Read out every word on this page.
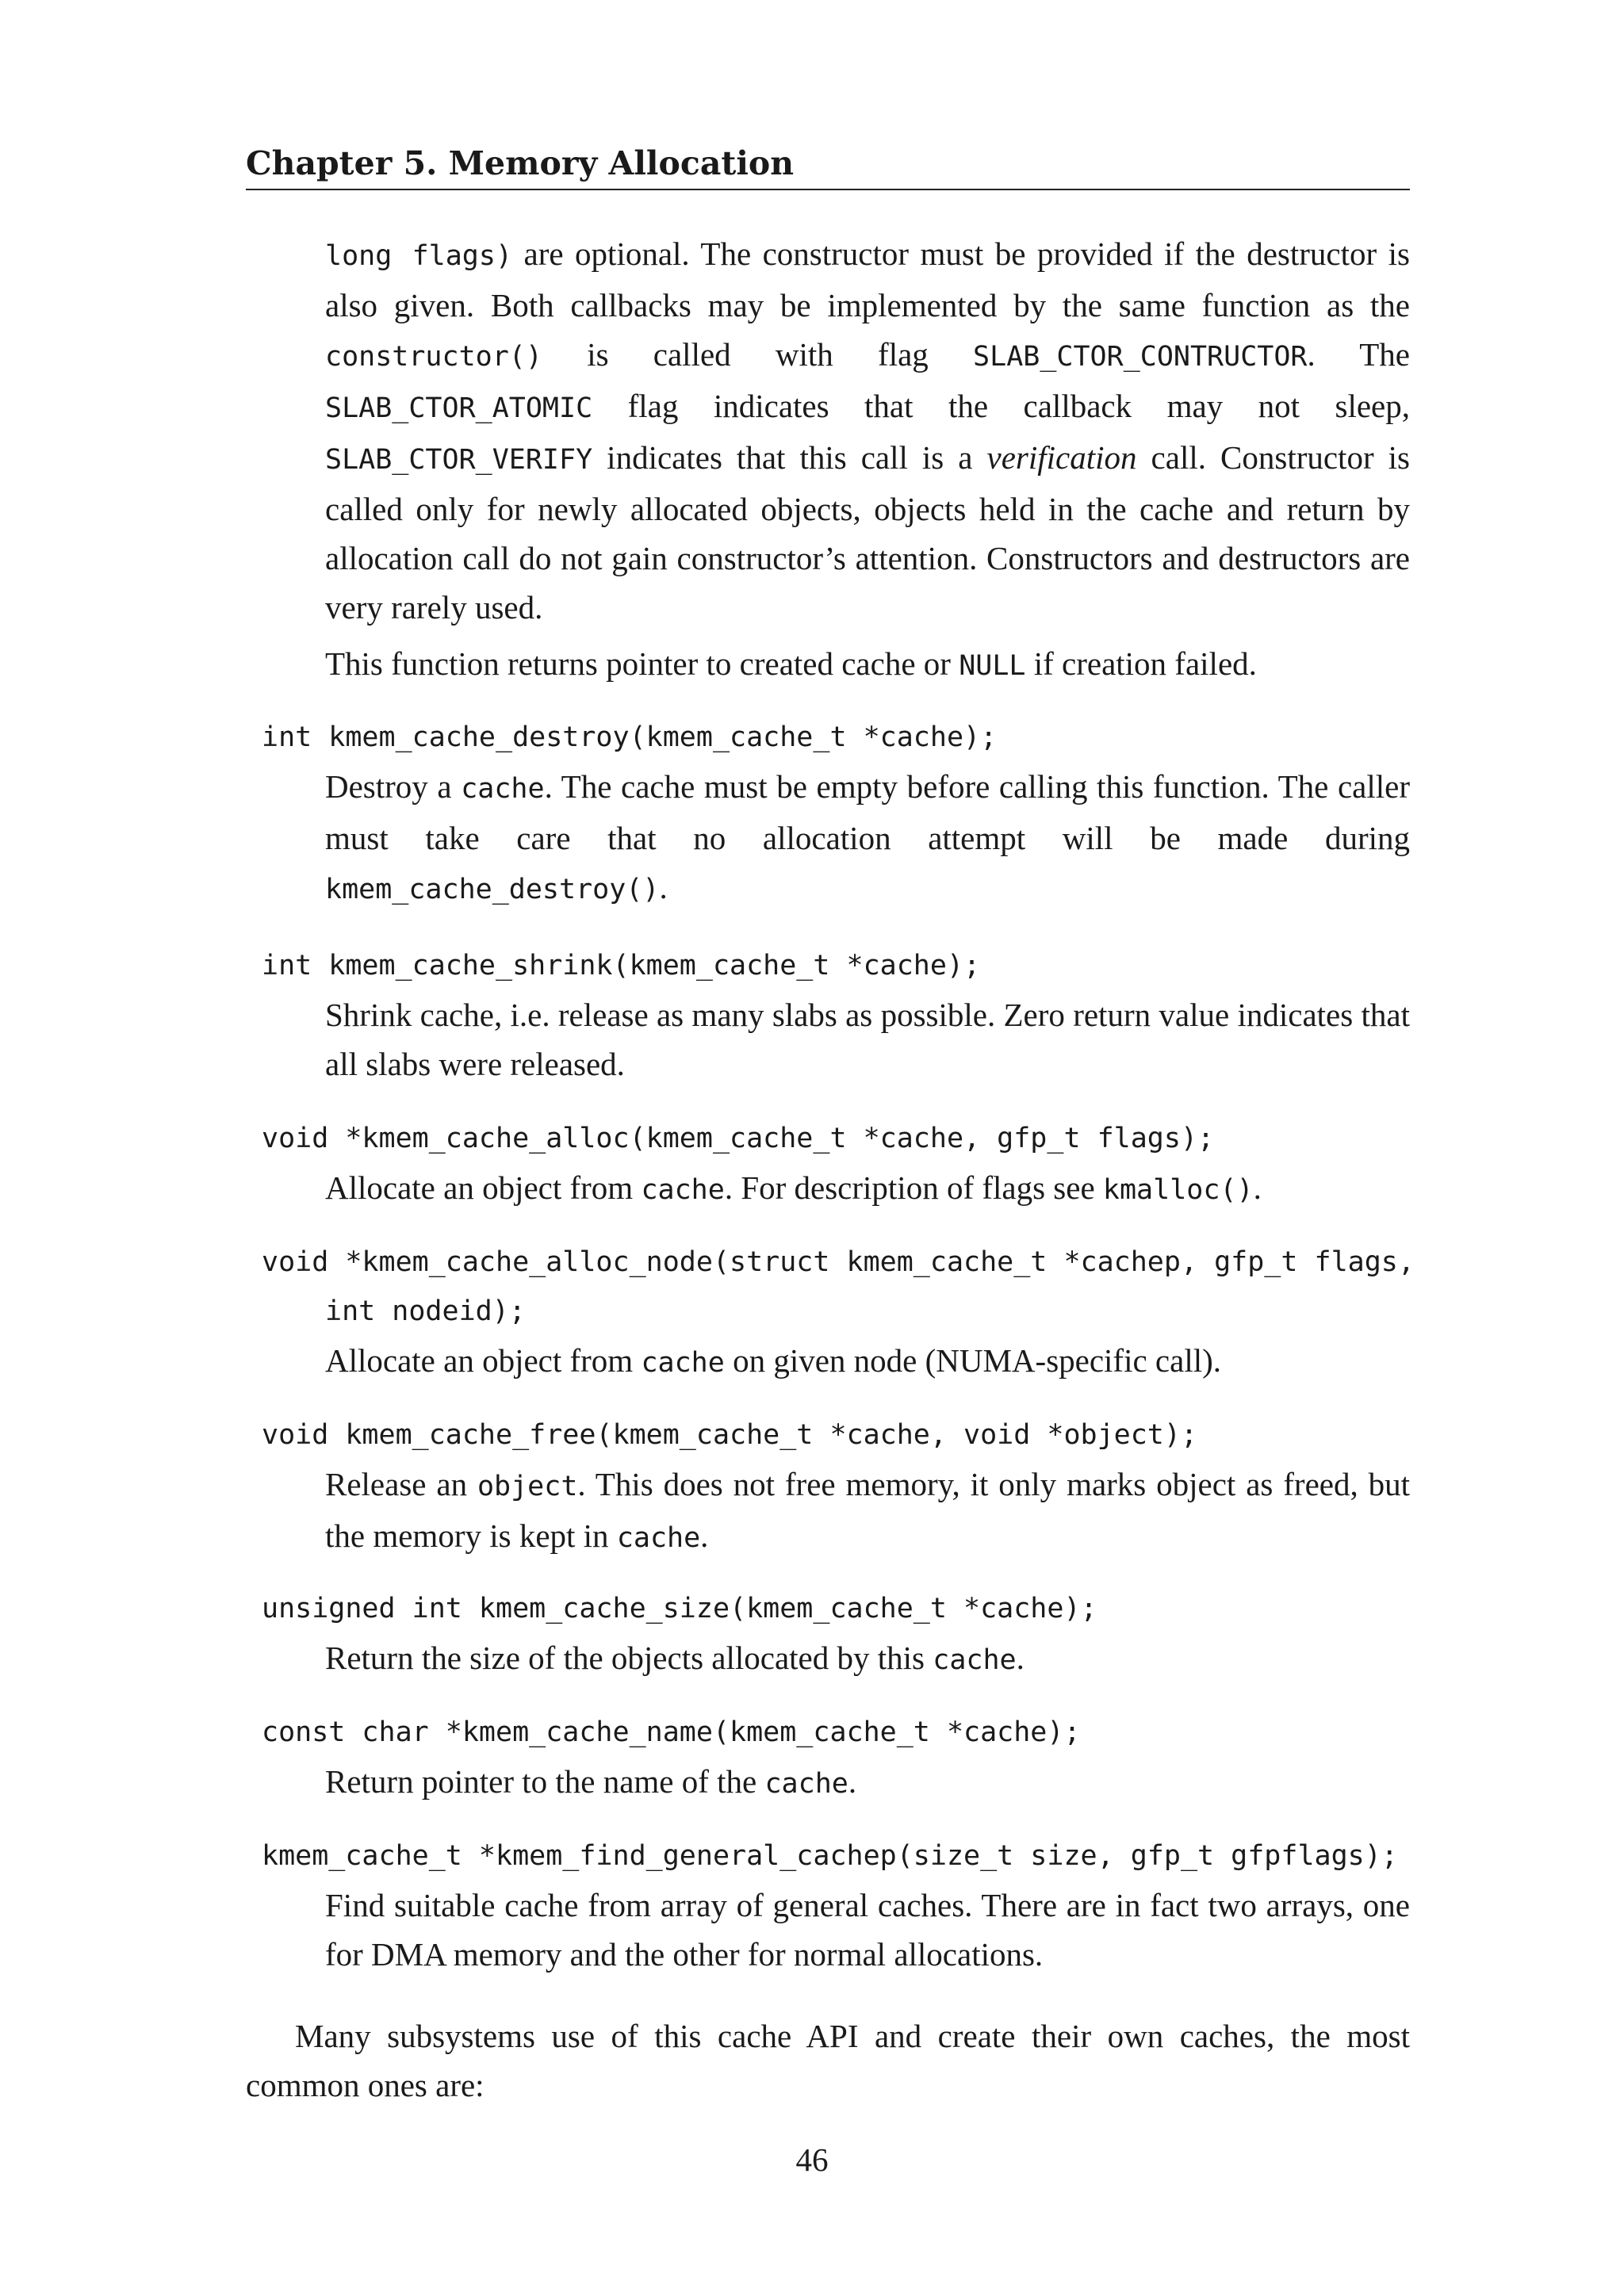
Chapter 5. Memory Allocation
long flags) are optional. The constructor must be provided if the destructor is also given. Both callbacks may be implemented by the same function as the constructor() is called with flag SLAB_CTOR_CONTRUCTOR. The SLAB_CTOR_ATOMIC flag indicates that the callback may not sleep, SLAB_CTOR_VERIFY indicates that this call is a verification call. Constructor is called only for newly allocated objects, objects held in the cache and return by allocation call do not gain constructor’s attention. Constructors and destructors are very rarely used.
This function returns pointer to created cache or NULL if creation failed.
int kmem_cache_destroy(kmem_cache_t *cache);
Destroy a cache. The cache must be empty before calling this function. The caller must take care that no allocation attempt will be made during kmem_cache_destroy().
int kmem_cache_shrink(kmem_cache_t *cache);
Shrink cache, i.e. release as many slabs as possible. Zero return value indicates that all slabs were released.
void *kmem_cache_alloc(kmem_cache_t *cache, gfp_t flags);
Allocate an object from cache. For description of flags see kmalloc().
void *kmem_cache_alloc_node(struct kmem_cache_t *cachep, gfp_t flags,
int nodeid);
Allocate an object from cache on given node (NUMA-specific call).
void kmem_cache_free(kmem_cache_t *cache, void *object);
Release an object. This does not free memory, it only marks object as freed, but the memory is kept in cache.
unsigned int kmem_cache_size(kmem_cache_t *cache);
Return the size of the objects allocated by this cache.
const char *kmem_cache_name(kmem_cache_t *cache);
Return pointer to the name of the cache.
kmem_cache_t *kmem_find_general_cachep(size_t size, gfp_t gfpflags);
Find suitable cache from array of general caches. There are in fact two arrays, one for DMA memory and the other for normal allocations.
Many subsystems use of this cache API and create their own caches, the most common ones are:
46
